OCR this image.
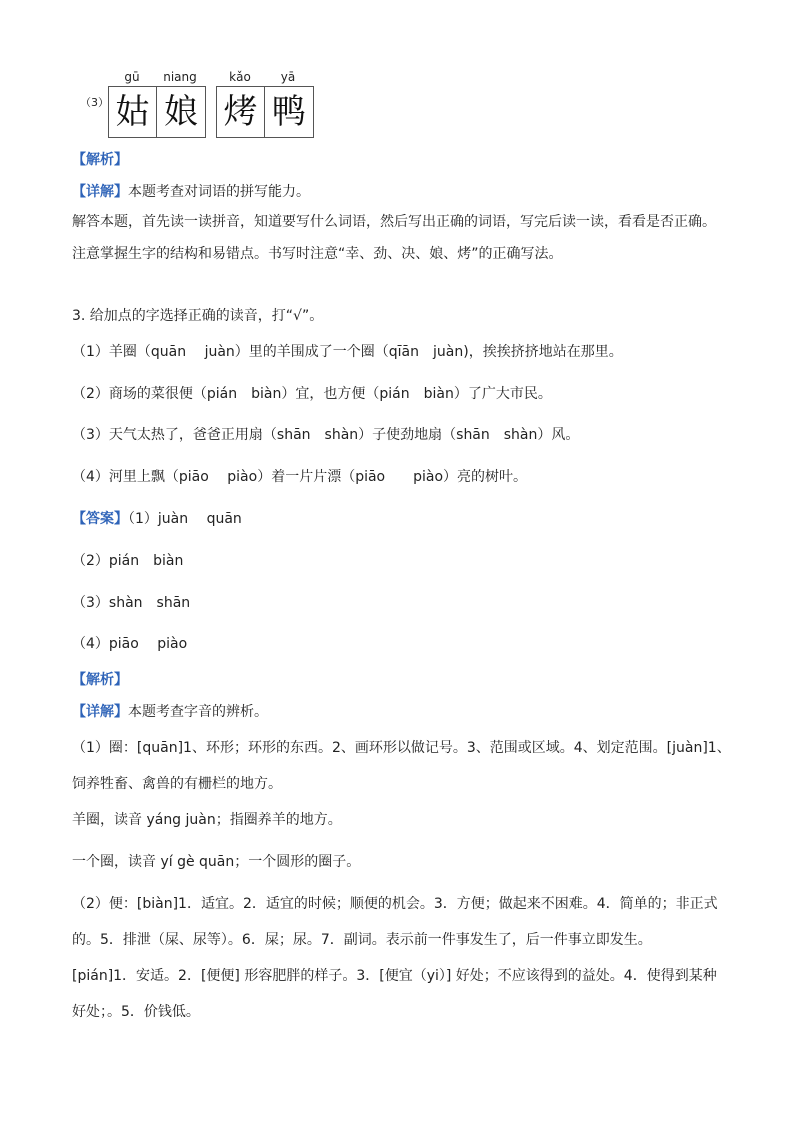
（3）
gū	niang	kǎo	yā
姑 娘 烤 鸭
【解析】
【详解】本题考查对词语的拼写能力。
解答本题，首先读一读拼音，知道要写什么词语，然后写出正确的词语，写完后读一读，看看是否正确。
注意掌握生字的结构和易错点。书写时注意“幸、劲、决、娘、烤”的正确写法。
3. 给加点的字选择正确的读音，打“√”。
（1）羊圈（quān　 juàn）里的羊围成了一个圈（qīān　juàn)，挨挨挤挤地站在那里。
（2）商场的菜很便（pián　biàn）宜，也方便（pián　biàn）了广大市民。
（3）天气太热了，爸爸正用扇（shān　shàn）子使劲地扇（shān　shàn）风。
（4）河里上飘（piāo　 piào）着一片片漂（piāo　　piào）亮的树叶。
【答案】（1）juàn　 quān
（2）pián　biàn
（3）shàn　shān
（4）piāo　 piào
【解析】
【详解】本题考查字音的辨析。
（1）圈：[quān]1、环形；环形的东西。2、画环形以做记号。3、范围或区域。4、划定范围。[juàn]1、
饲养牲畜、禽兽的有栅栏的地方。
羊圈，读音 yáng juàn；指圈养羊的地方。
一个圈，读音 yí gè quān；一个圆形的圈子。
（2）便：[biàn]1．适宜。2．适宜的时候；顺便的机会。3．方便；做起来不困难。4．简单的；非正式
的。5．排泄（屎、尿等）。6．屎；尿。7．副词。表示前一件事发生了，后一件事立即发生。
[pián]1．安适。2．[便便] 形容肥胖的样子。3．[便宜（yi）] 好处；不应该得到的益处。4．使得到某种
好处；。5．价钱低。
